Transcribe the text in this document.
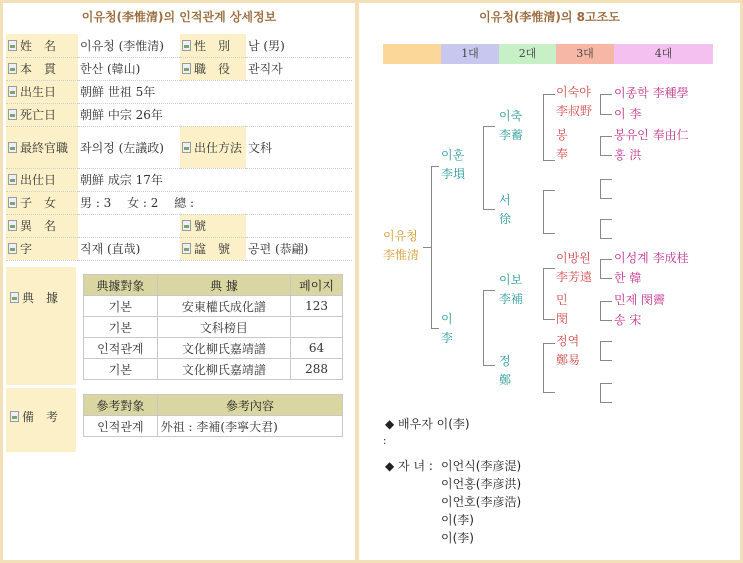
이유청(李惟清)의 인적관계 상세정보
姓　名	이유청 (李惟清)	性　別	남 (男)
本　貫	한산 (韓山)	職　役	관직자
出生日	朝鮮 世祖 5年		
死亡日	朝鮮 中宗 26年		
最終官職	좌의정 (左議政)	出仕方法	文科
出仕日	朝鮮 成宗 17年		
子　女	男 : 3　 女 : 2　 總 :		
異　名		號	
字	직재 (直哉)	諡　號	공편 (恭翩)
典　據
典據對象	典 據	페이지
기본	安東權氏成化譜	123
기본	文科榜目	
인적관계	文化柳氏嘉靖譜	64
기본	文化柳氏嘉靖譜	288
備　考
參考對象	參考內容
인적관계	外祖 : 李補(李寧大君)
이유청(李惟清)의 8고조도
1대	2대	3대	4대
이유청
李惟清
이훈
李塤
이
李
이축
李蓄
서
徐
이보
李補
정
鄭
이숙야
李叔野
봉
奉
이방원
李芳遠
민
閔
정역
鄭易
이종학 李種學
이 李
봉유인 奉由仁
홍 洪
이성계 李成桂
한 韓
민제 閔霽
송 宋
◆ 배우자 이(李)
:
◆ 자 녀 : 이언식(李彦湜)
이언홍(李彦洪)
이언호(李彦浩)
이(李)
이(李)
